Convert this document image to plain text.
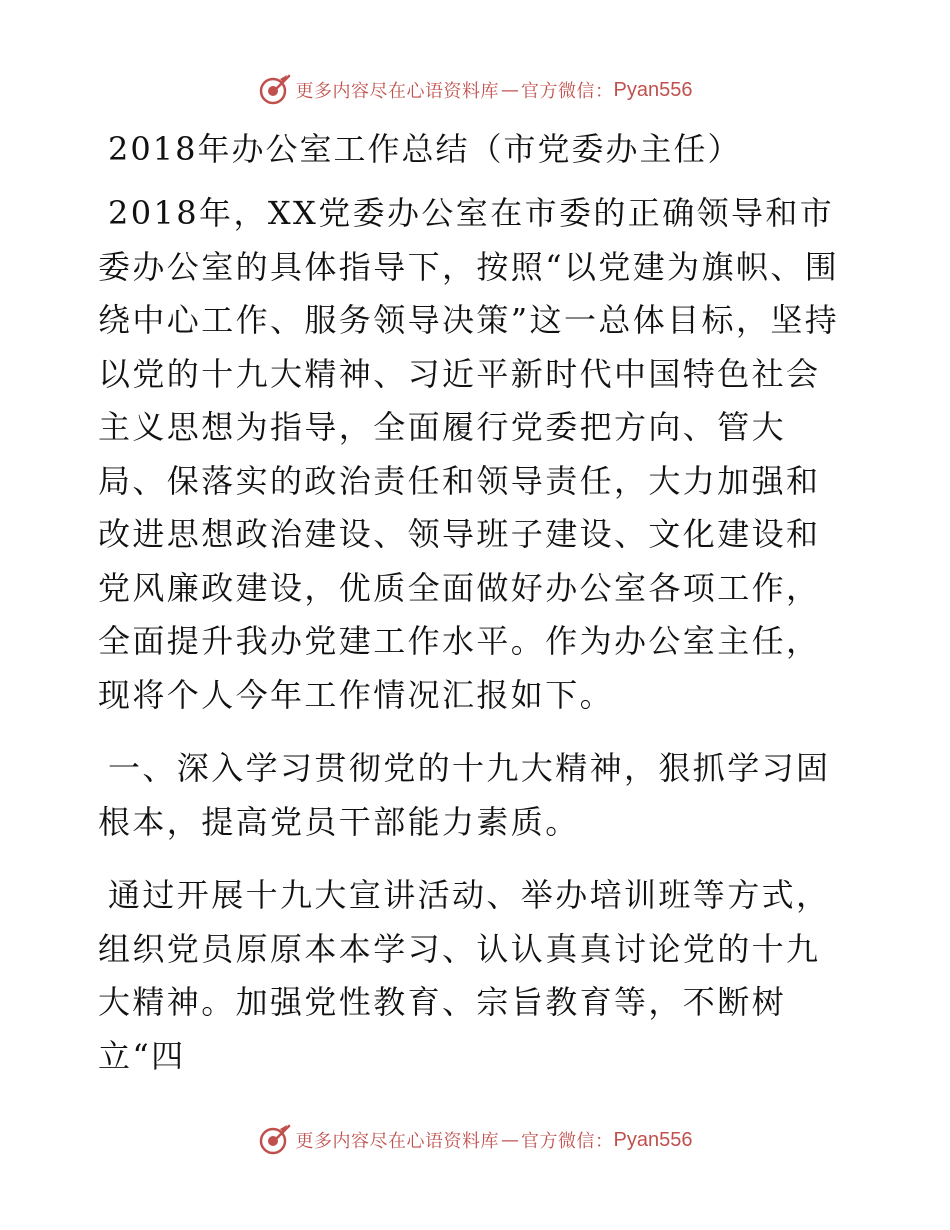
更多内容尽在心语资料库 — 官方微信： Pyan556
2018年办公室工作总结（市党委办主任）

2018年，XX党委办公室在市委的正确领导和市委办公室的具体指导下，按照“以党建为旗帜、围绕中心工作、服务领导决策”这一总体目标，坚持以党的十九大精神、习近平新时代中国特色社会主义思想为指导，全面履行党委把方向、管大局、保落实的政治责任和领导责任，大力加强和改进思想政治建设、领导班子建设、文化建设和党风廉政建设，优质全面做好办公室各项工作，全面提升我办党建工作水平。作为办公室主任，现将个人今年工作情况汇报如下。

一、深入学习贯彻党的十九大精神，狠抓学习固根本，提高党员干部能力素质。

通过开展十九大宣讲活动、举办培训班等方式，组织党员原原本本学习、认认真真讨论党的十九大精神。加强党性教育、宗旨教育等，不断树立“四

更多内容尽在心语资料库 — 官方微信： Pyan556
